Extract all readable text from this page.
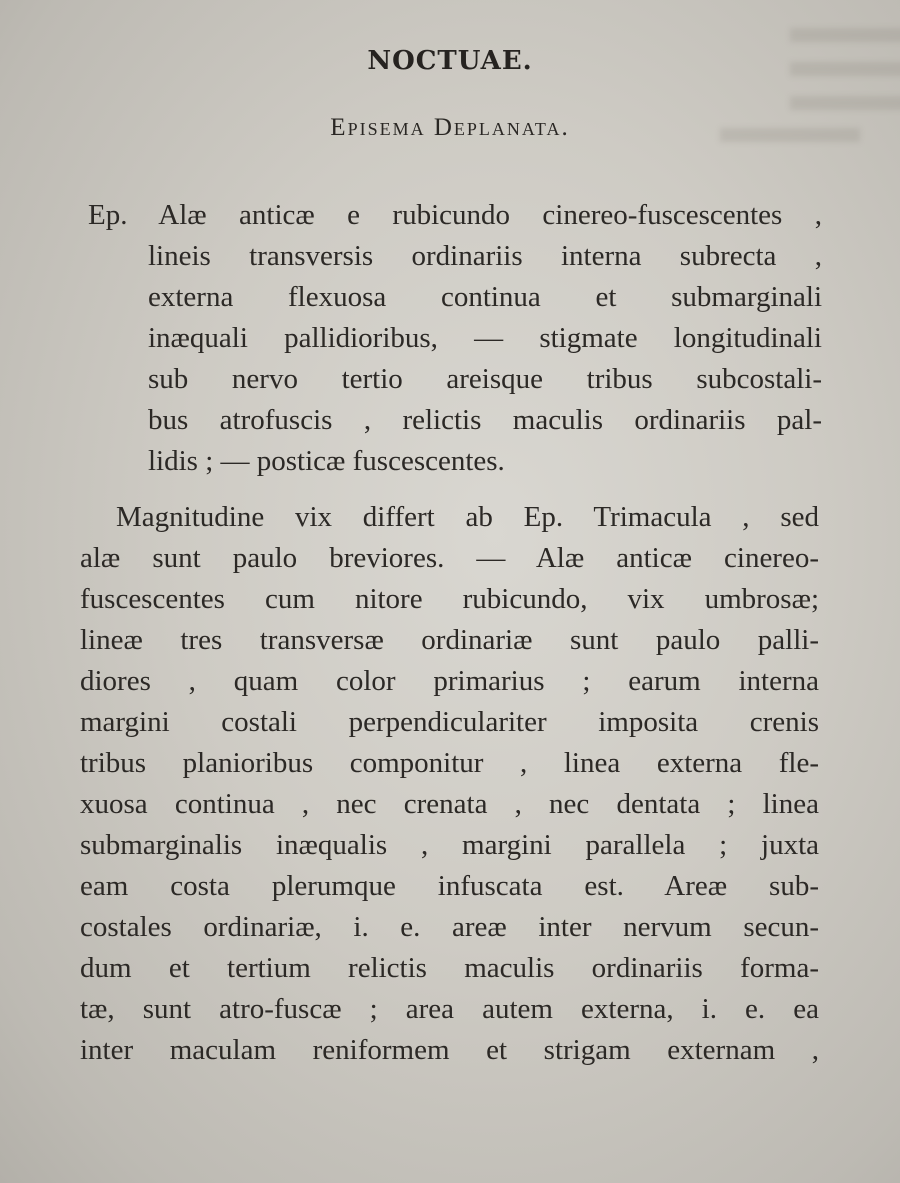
NOCTUAE.
Episema Deplanata.
Ep. Alæ anticæ e rubicundo cinereo-fuscescentes ,
lineis transversis ordinariis interna subrecta ,
externa flexuosa continua et submarginali
inæquali pallidioribus, — stigmate longitudinali
sub nervo tertio areisque tribus subcostali-
bus atrofuscis , relictis maculis ordinariis pal-
lidis ; — posticæ fuscescentes.
Magnitudine vix differt ab Ep. Trimacula , sed
alæ sunt paulo breviores. — Alæ anticæ cinereo-
fuscescentes cum nitore rubicundo, vix umbrosæ;
lineæ tres transversæ ordinariæ sunt paulo palli-
diores , quam color primarius ; earum interna
margini costali perpendiculariter imposita crenis
tribus planioribus componitur , linea externa fle-
xuosa continua , nec crenata , nec dentata ; linea
submarginalis inæqualis , margini parallela ; juxta
eam costa plerumque infuscata est. Areæ sub-
costales ordinariæ, i. e. areæ inter nervum secun-
dum et tertium relictis maculis ordinariis forma-
tæ, sunt atro-fuscæ ; area autem externa, i. e. ea
inter maculam reniformem et strigam externam ,
